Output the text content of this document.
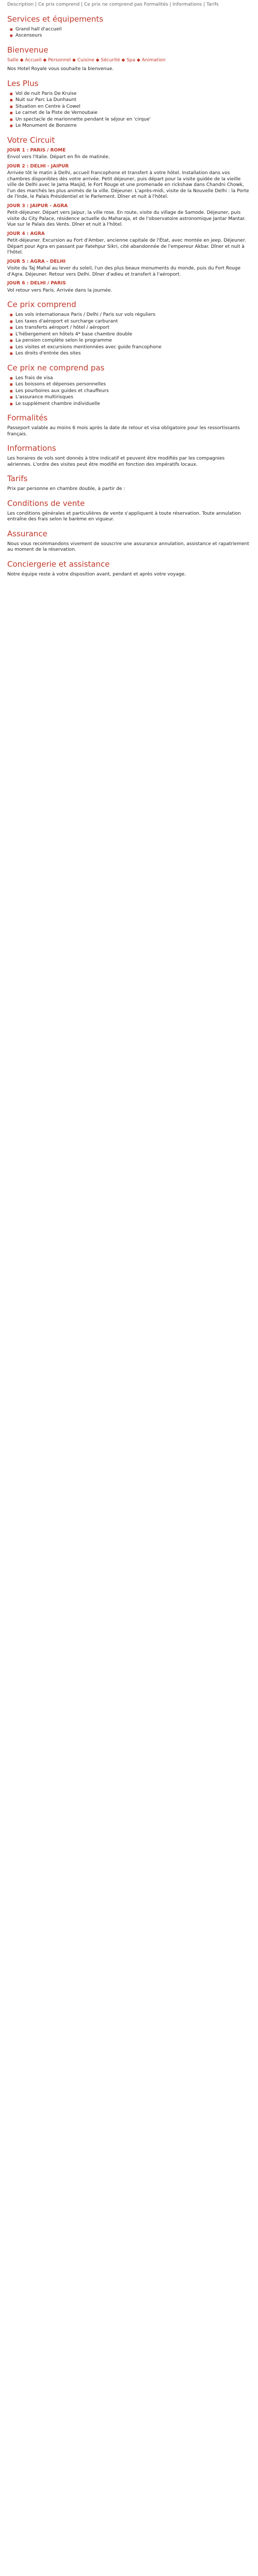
Description | Ce prix comprend | Ce prix ne comprend pas Formalités | Informations | Tarifs

Services et équipements
■ Grand hall d'accueil
■ Ascenseurs
Bienvenue

Salle ◆ Accueil ◆ Personnel ◆ Cuisine ◆ Sécurité ◆ Spa ◆ Animation

Nos Hotel Royale vous souhaite la bienvenue.

Les Plus
■ Vol de nuit Paris De Kruise
■ Nuit sur Parc La Dunhaunt
■ Situation en Centre à Cowel
■ Le carnet de la Piste de Vernoubaie
■ Un spectacle de marionnette pendant le séjour en 'cirque'
■ Le Monument de Bonzerre
Votre Circuit
JOUR 1 : PARIS / ROME

Envol vers l'Italie. Départ en fin de matinée.

JOUR 2 : DELHI - JAIPUR

Arrivée tôt le matin à Delhi, accueil francophone et transfert à votre hôtel. Installation dans vos chambres disponibles dès votre arrivée. Petit déjeuner, puis départ pour la visite guidée de la vieille ville de Delhi avec le Jama Masjid, le Fort Rouge et une promenade en rickshaw dans Chandni Chowk, l'un des marchés les plus animés de la ville. Déjeuner. L'après-midi, visite de la Nouvelle Delhi : la Porte de l'Inde, le Palais Présidentiel et le Parlement. Dîner et nuit à l'hôtel.

JOUR 3 : JAIPUR - AGRA

Petit-déjeuner. Départ vers Jaipur, la ville rose. En route, visite du village de Samode. Déjeuner, puis visite du City Palace, résidence actuelle du Maharaja, et de l'observatoire astronomique Jantar Mantar. Vue sur le Palais des Vents. Dîner et nuit à l'hôtel.

JOUR 4 : AGRA

Petit-déjeuner. Excursion au Fort d'Amber, ancienne capitale de l'État, avec montée en jeep. Déjeuner. Départ pour Agra en passant par Fatehpur Sikri, cité abandonnée de l'empereur Akbar. Dîner et nuit à l'hôtel.

JOUR 5 : AGRA - DELHI

Visite du Taj Mahal au lever du soleil, l'un des plus beaux monuments du monde, puis du Fort Rouge d'Agra. Déjeuner. Retour vers Delhi. Dîner d'adieu et transfert à l'aéroport.

JOUR 6 : DELHI / PARIS

Vol retour vers Paris. Arrivée dans la journée.

Ce prix comprend
■ Les vols internationaux Paris / Delhi / Paris sur vols réguliers
■ Les taxes d'aéroport et surcharge carburant
■ Les transferts aéroport / hôtel / aéroport
■ L'hébergement en hôtels 4* base chambre double
■ La pension complète selon le programme
■ Les visites et excursions mentionnées avec guide francophone
■ Les droits d'entrée des sites
Ce prix ne comprend pas
■ Les frais de visa
■ Les boissons et dépenses personnelles
■ Les pourboires aux guides et chauffeurs
■ L'assurance multirisques
■ Le supplément chambre individuelle
Formalités

Passeport valable au moins 6 mois après la date de retour et visa obligatoire pour les ressortissants français.

Informations

Les horaires de vols sont donnés à titre indicatif et peuvent être modifiés par les compagnies aériennes. L'ordre des visites peut être modifié en fonction des impératifs locaux.

Tarifs

Prix par personne en chambre double, à partir de :

Conditions de vente

Les conditions générales et particulières de vente s'appliquent à toute réservation. Toute annulation entraîne des frais selon le barème en vigueur.

Assurance

Nous vous recommandons vivement de souscrire une assurance annulation, assistance et rapatriement au moment de la réservation.

Conciergerie et assistance

Notre équipe reste à votre disposition avant, pendant et après votre voyage.
